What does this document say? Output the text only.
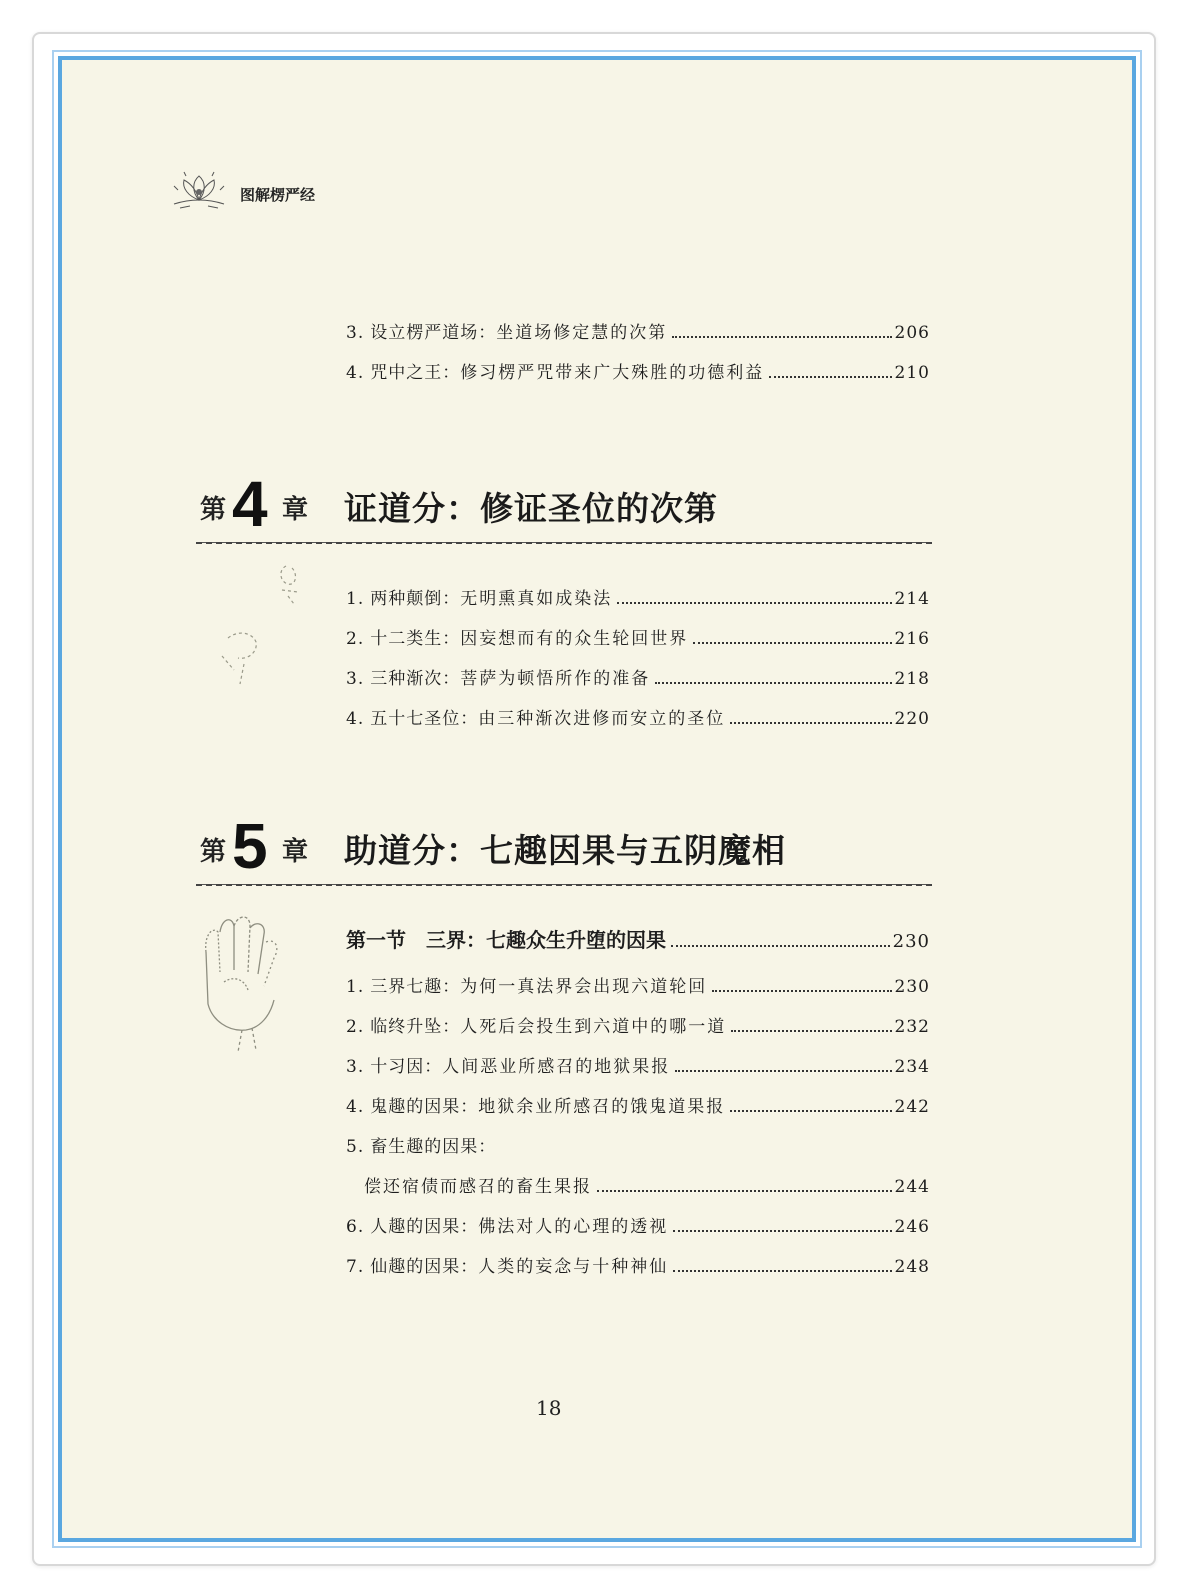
图解楞严经
3. 设立楞严道场： 坐道场修定慧的次第	206
4. 咒中之王： 修习楞严咒带来广大殊胜的功德利益	210
第 4 章 证道分：修证圣位的次第
1. 两种颠倒： 无明熏真如成染法	214
2. 十二类生： 因妄想而有的众生轮回世界	216
3. 三种渐次： 菩萨为顿悟所作的准备	218
4. 五十七圣位： 由三种渐次进修而安立的圣位	220
第 5 章 助道分：七趣因果与五阴魔相
第一节 三界：七趣众生升堕的因果	230
1. 三界七趣： 为何一真法界会出现六道轮回	230
2. 临终升坠： 人死后会投生到六道中的哪一道	232
3. 十习因： 人间恶业所感召的地狱果报	234
4. 鬼趣的因果： 地狱余业所感召的饿鬼道果报	242
5. 畜生趣的因果：
偿还宿债而感召的畜生果报	244
6. 人趣的因果： 佛法对人的心理的透视	246
7. 仙趣的因果： 人类的妄念与十种神仙	248
18
